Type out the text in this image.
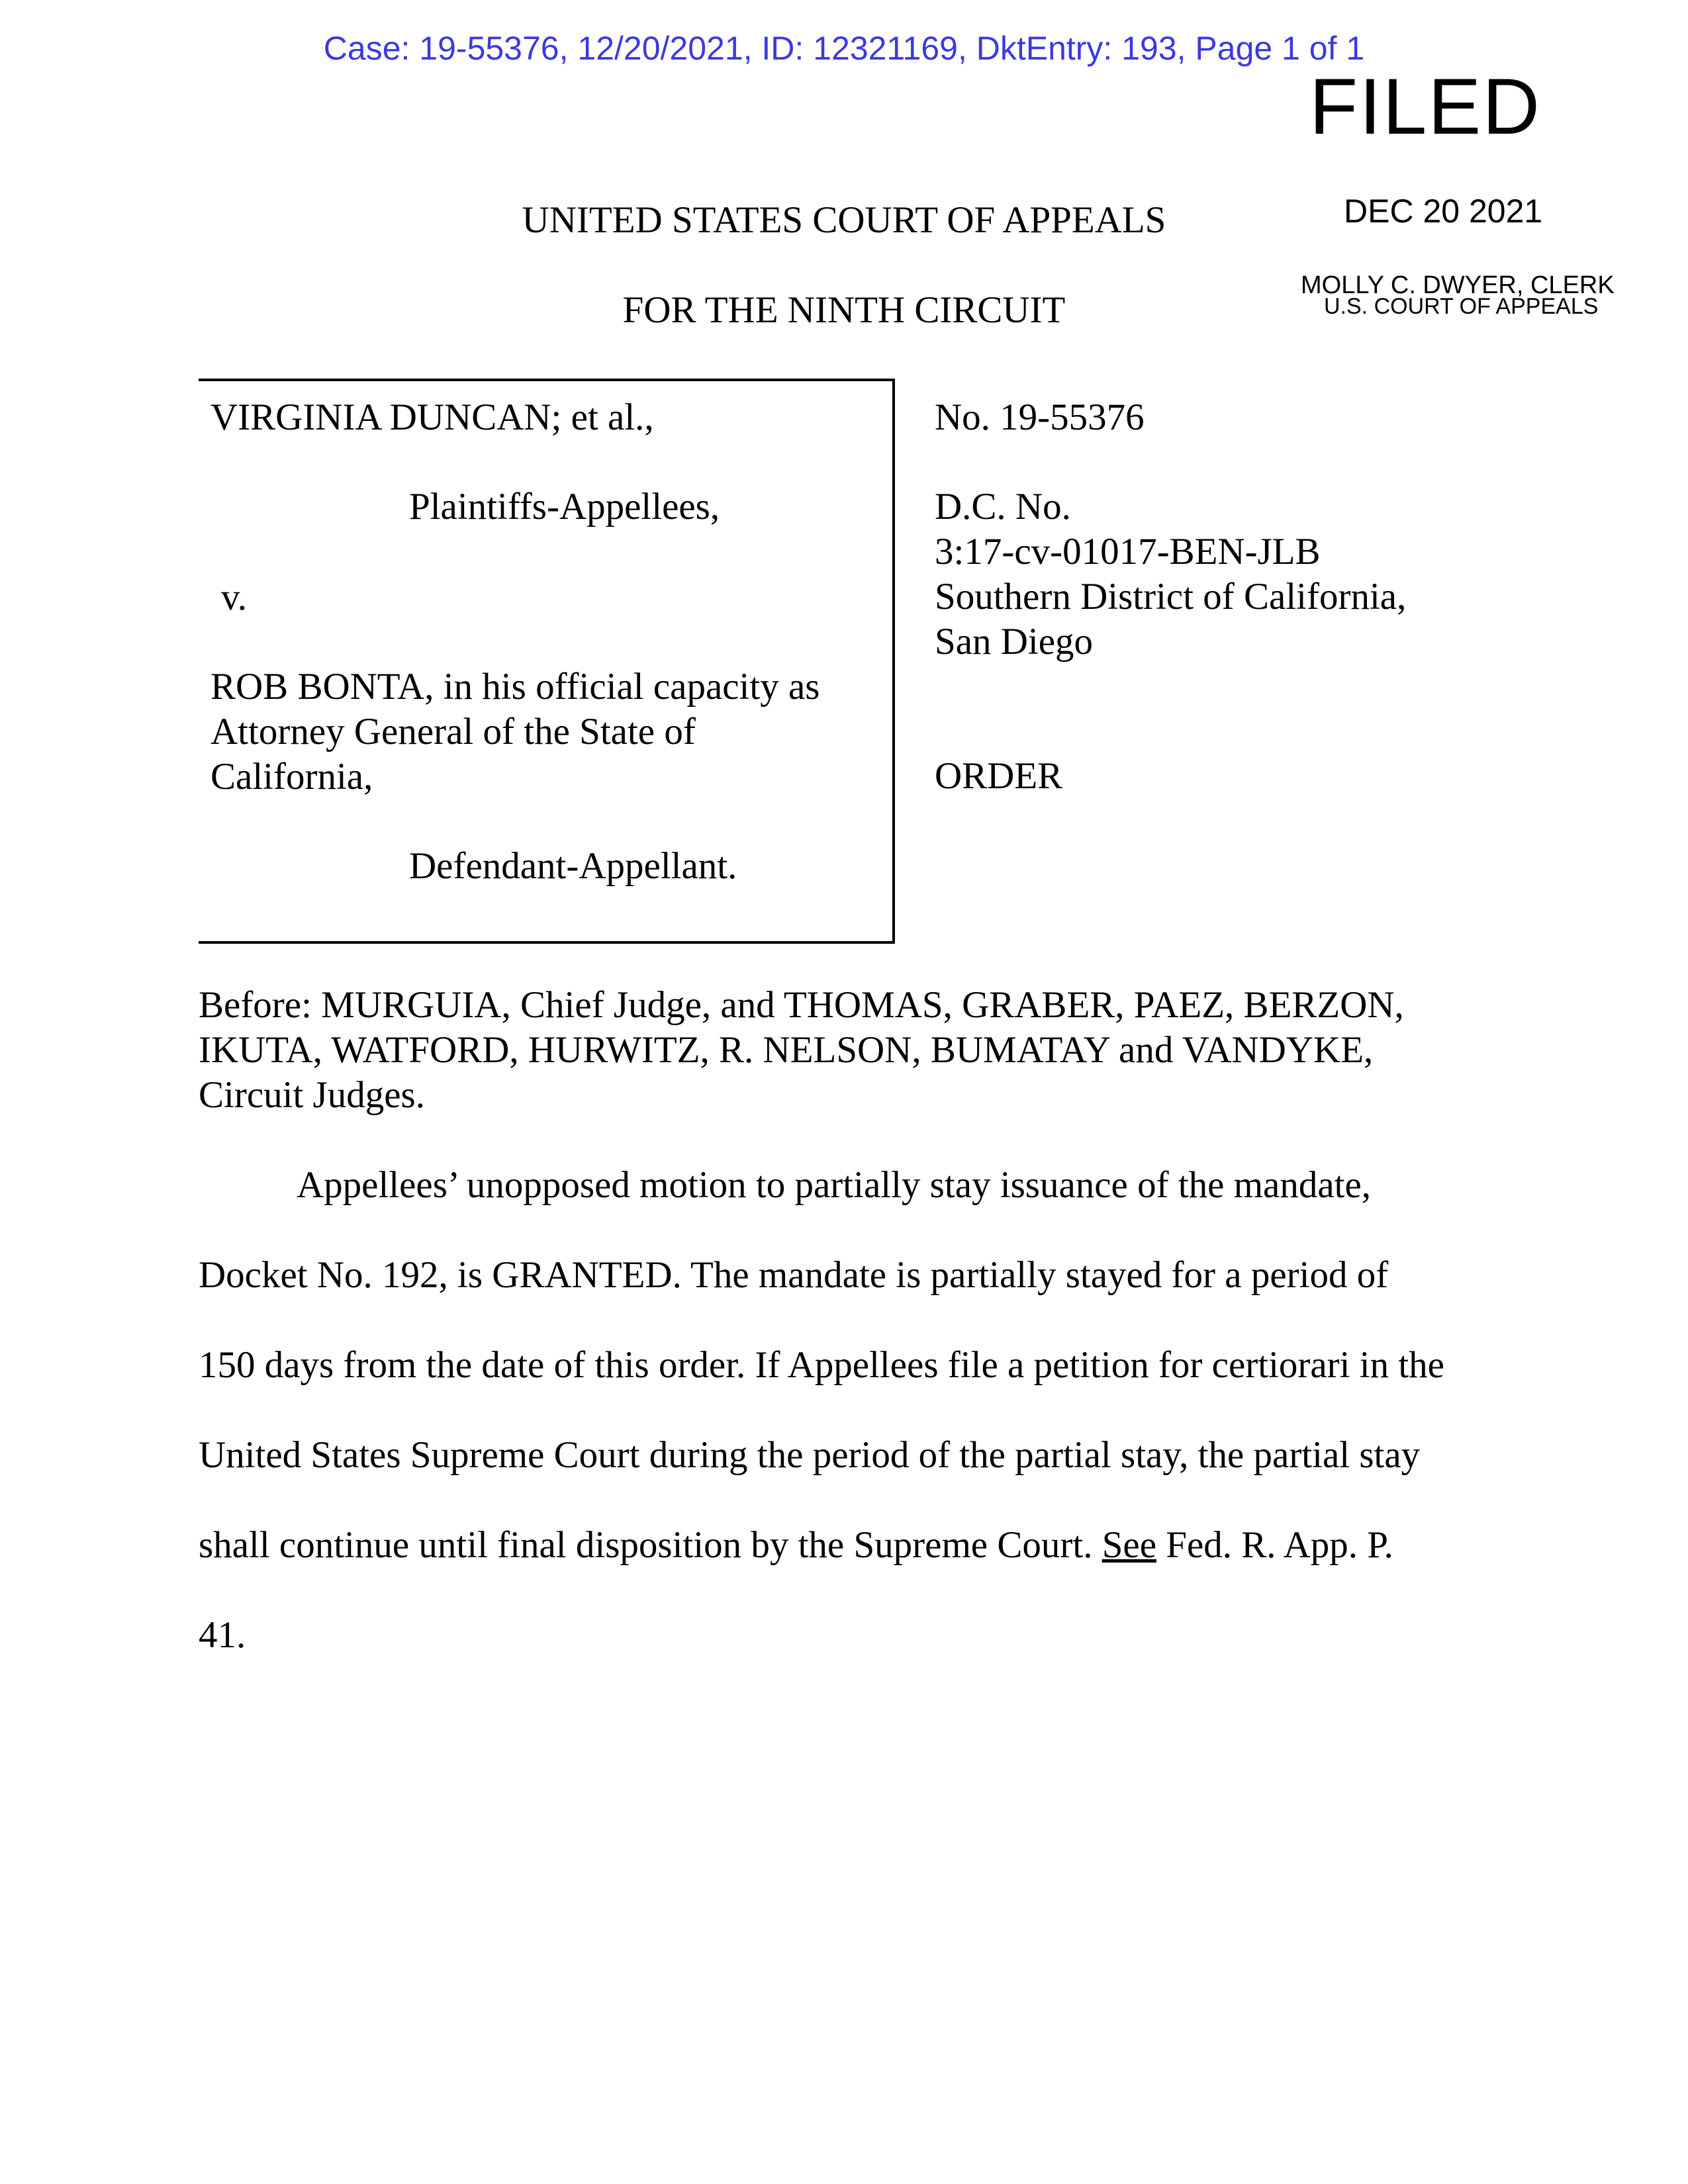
Case: 19-55376, 12/20/2021, ID: 12321169, DktEntry: 193, Page 1 of 1
FILED
DEC 20 2021
MOLLY C. DWYER, CLERK
U.S. COURT OF APPEALS
UNITED STATES COURT OF APPEALS
FOR THE NINTH CIRCUIT
VIRGINIA DUNCAN; et al.,
Plaintiffs-Appellees,
v.
ROB BONTA, in his official capacity as
Attorney General of the State of
California,
Defendant-Appellant.
No. 19-55376
D.C. No.
3:17-cv-01017-BEN-JLB
Southern District of California,
San Diego
ORDER
Before: MURGUIA, Chief Judge, and THOMAS, GRABER, PAEZ, BERZON,
IKUTA, WATFORD, HURWITZ, R. NELSON, BUMATAY and VANDYKE,
Circuit Judges.
Appellees’ unopposed motion to partially stay issuance of the mandate,
Docket No. 192, is GRANTED. The mandate is partially stayed for a period of
150 days from the date of this order. If Appellees file a petition for certiorari in the
United States Supreme Court during the period of the partial stay, the partial stay
shall continue until final disposition by the Supreme Court. See Fed. R. App. P.
41.
